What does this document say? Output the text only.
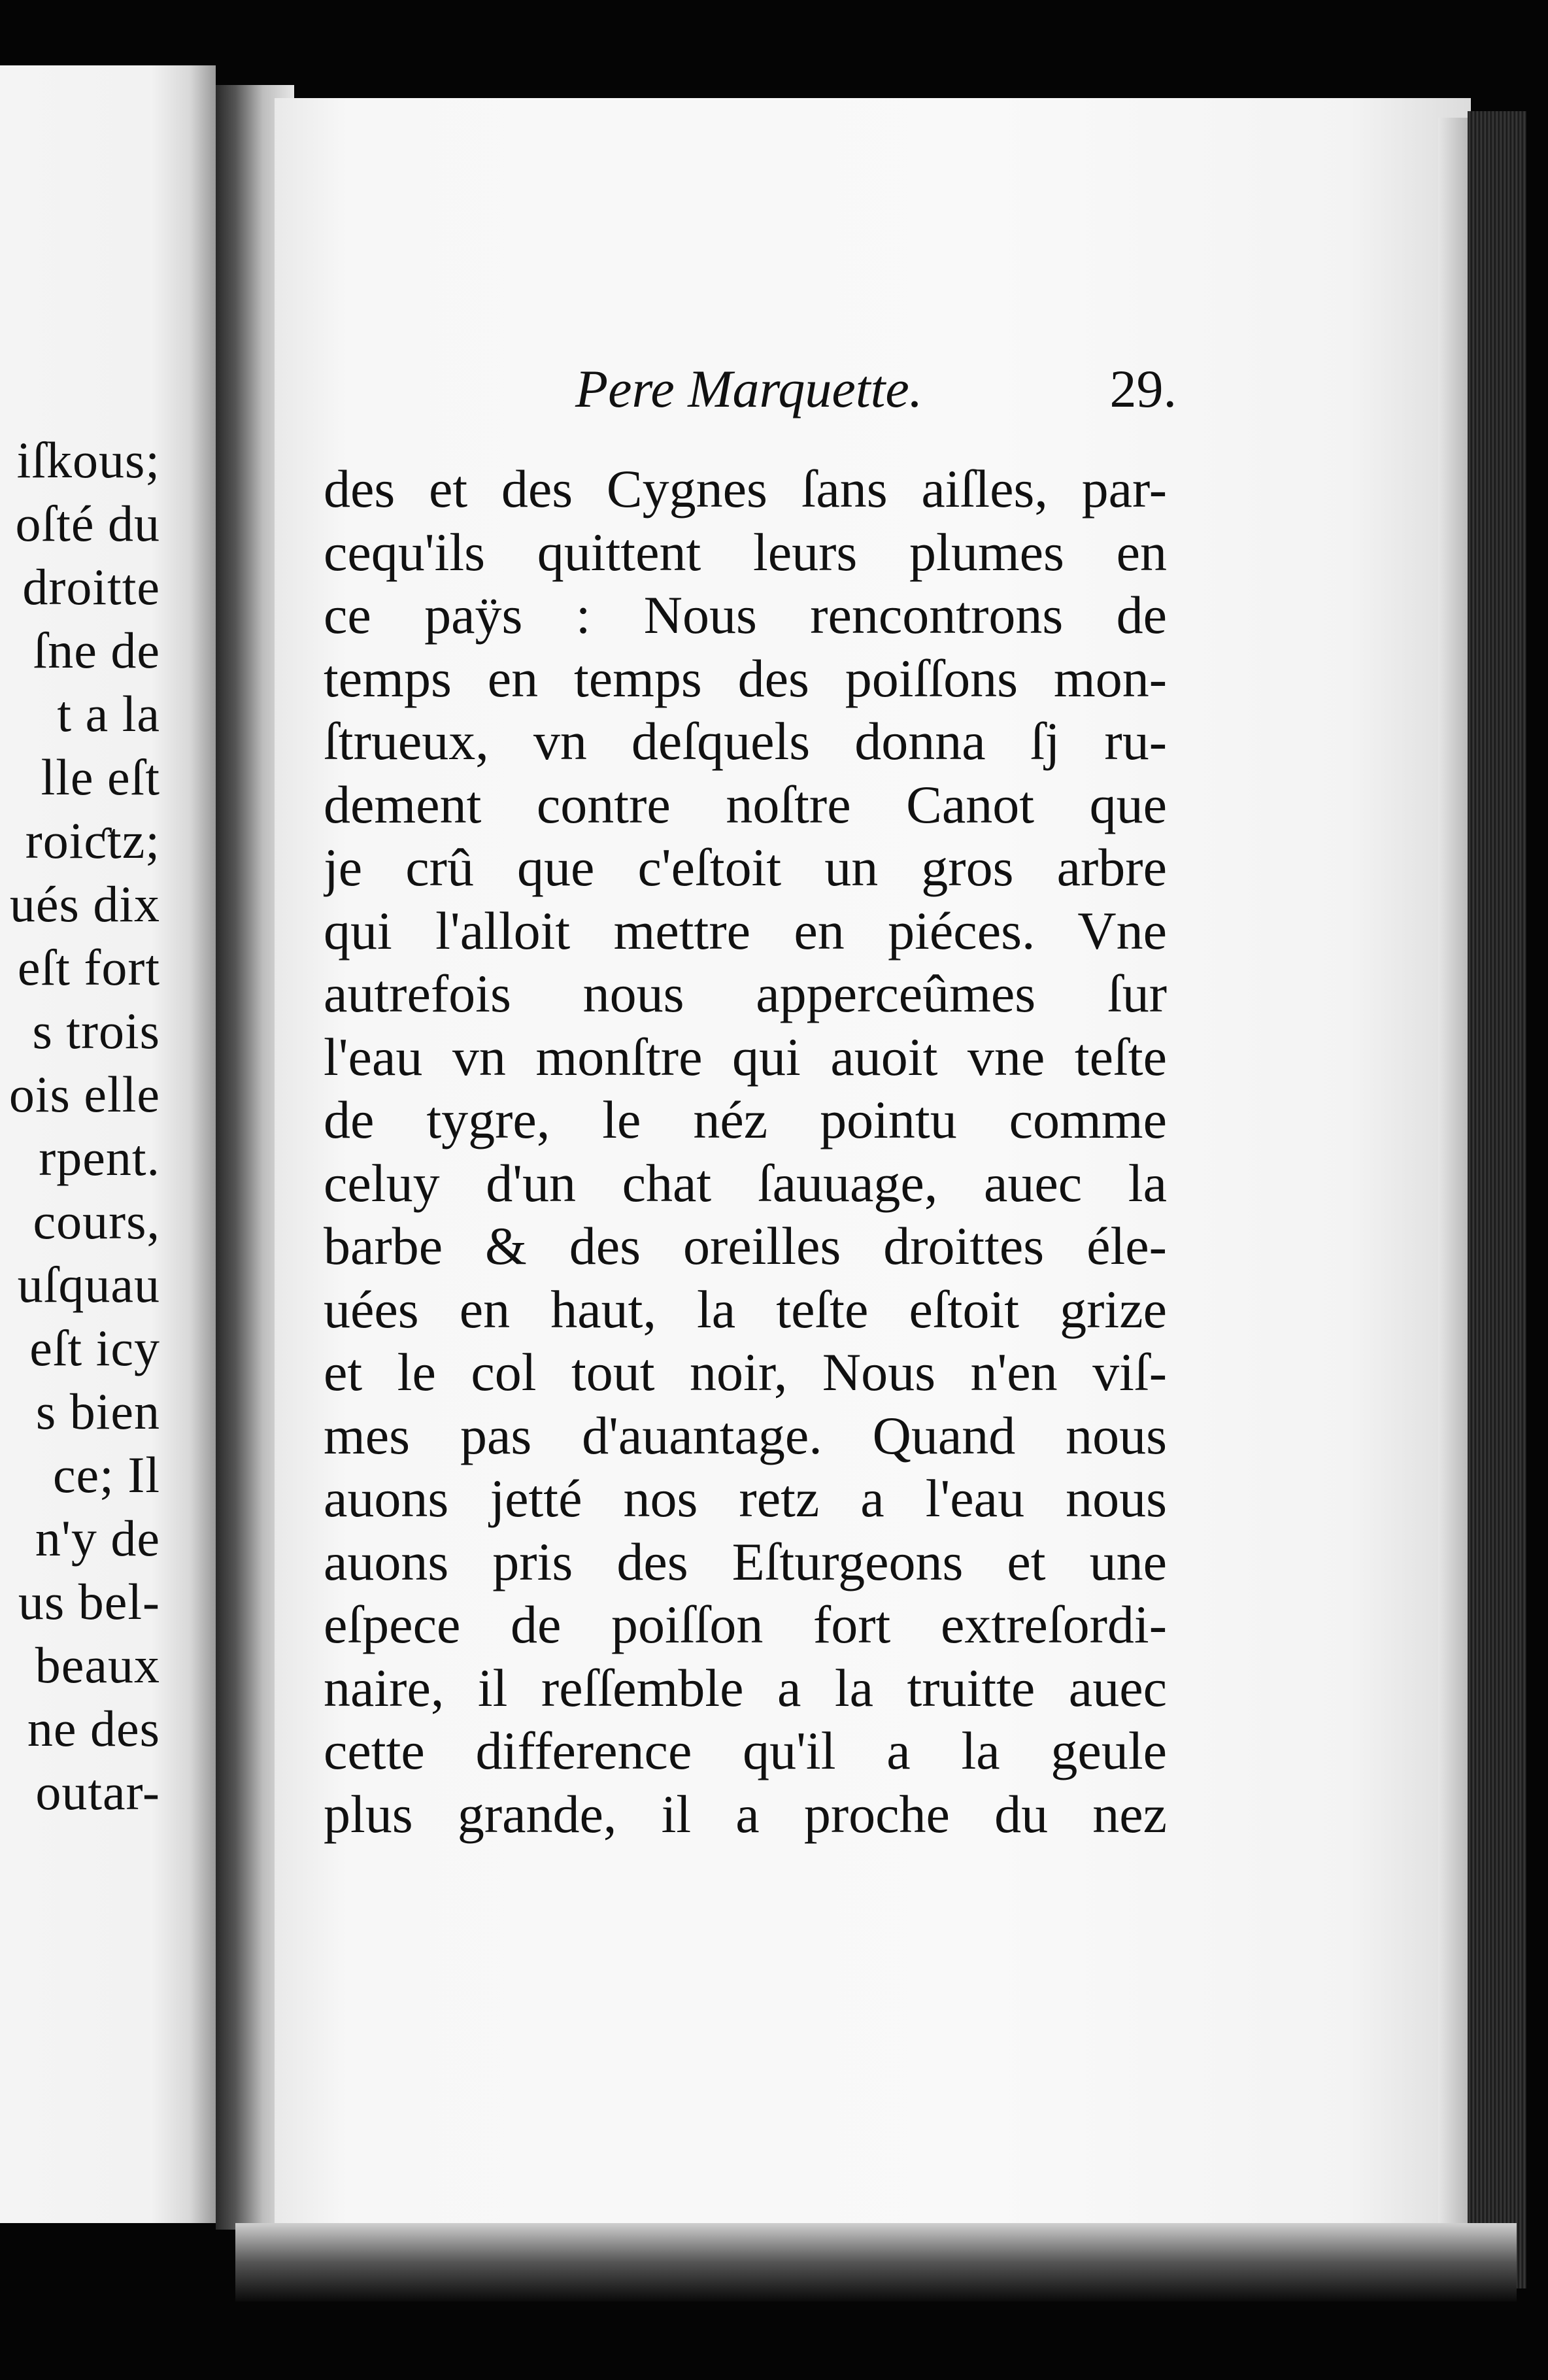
iſkous;
oſté du
droitte
ſne de
t a la
lle eſt
roiƈtz;
ués dix
eſt fort
s trois
ois elle
rpent.
cours,
uſquau
eſt icy
s bien
ce; Il
n'y de
us bel-
beaux
ne des
outar-
Pere Marquette.	29.
des et des Cygnes ſans aiſles, par-
cequ'ils quittent leurs plumes en
ce paÿs : Nous rencontrons de
temps en temps des poiſſons mon-
ſtrueux, vn deſquels donna ſj ru-
dement contre noſtre Canot que
je crû que c'eſtoit un gros arbre
qui l'alloit mettre en piéces. Vne
autrefois nous apperceûmes ſur
l'eau vn monſtre qui auoit vne teſte
de tygre, le néz pointu comme
celuy d'un chat ſauuage, auec la
barbe & des oreilles droittes éle-
uées en haut, la teſte eſtoit grize
et le col tout noir, Nous n'en viſ-
mes pas d'auantage. Quand nous
auons jetté nos retz a l'eau nous
auons pris des Eſturgeons et une
eſpece de poiſſon fort extreſordi-
naire, il reſſemble a la truitte auec
cette difference qu'il a la geule
plus grande, il a proche du nez
